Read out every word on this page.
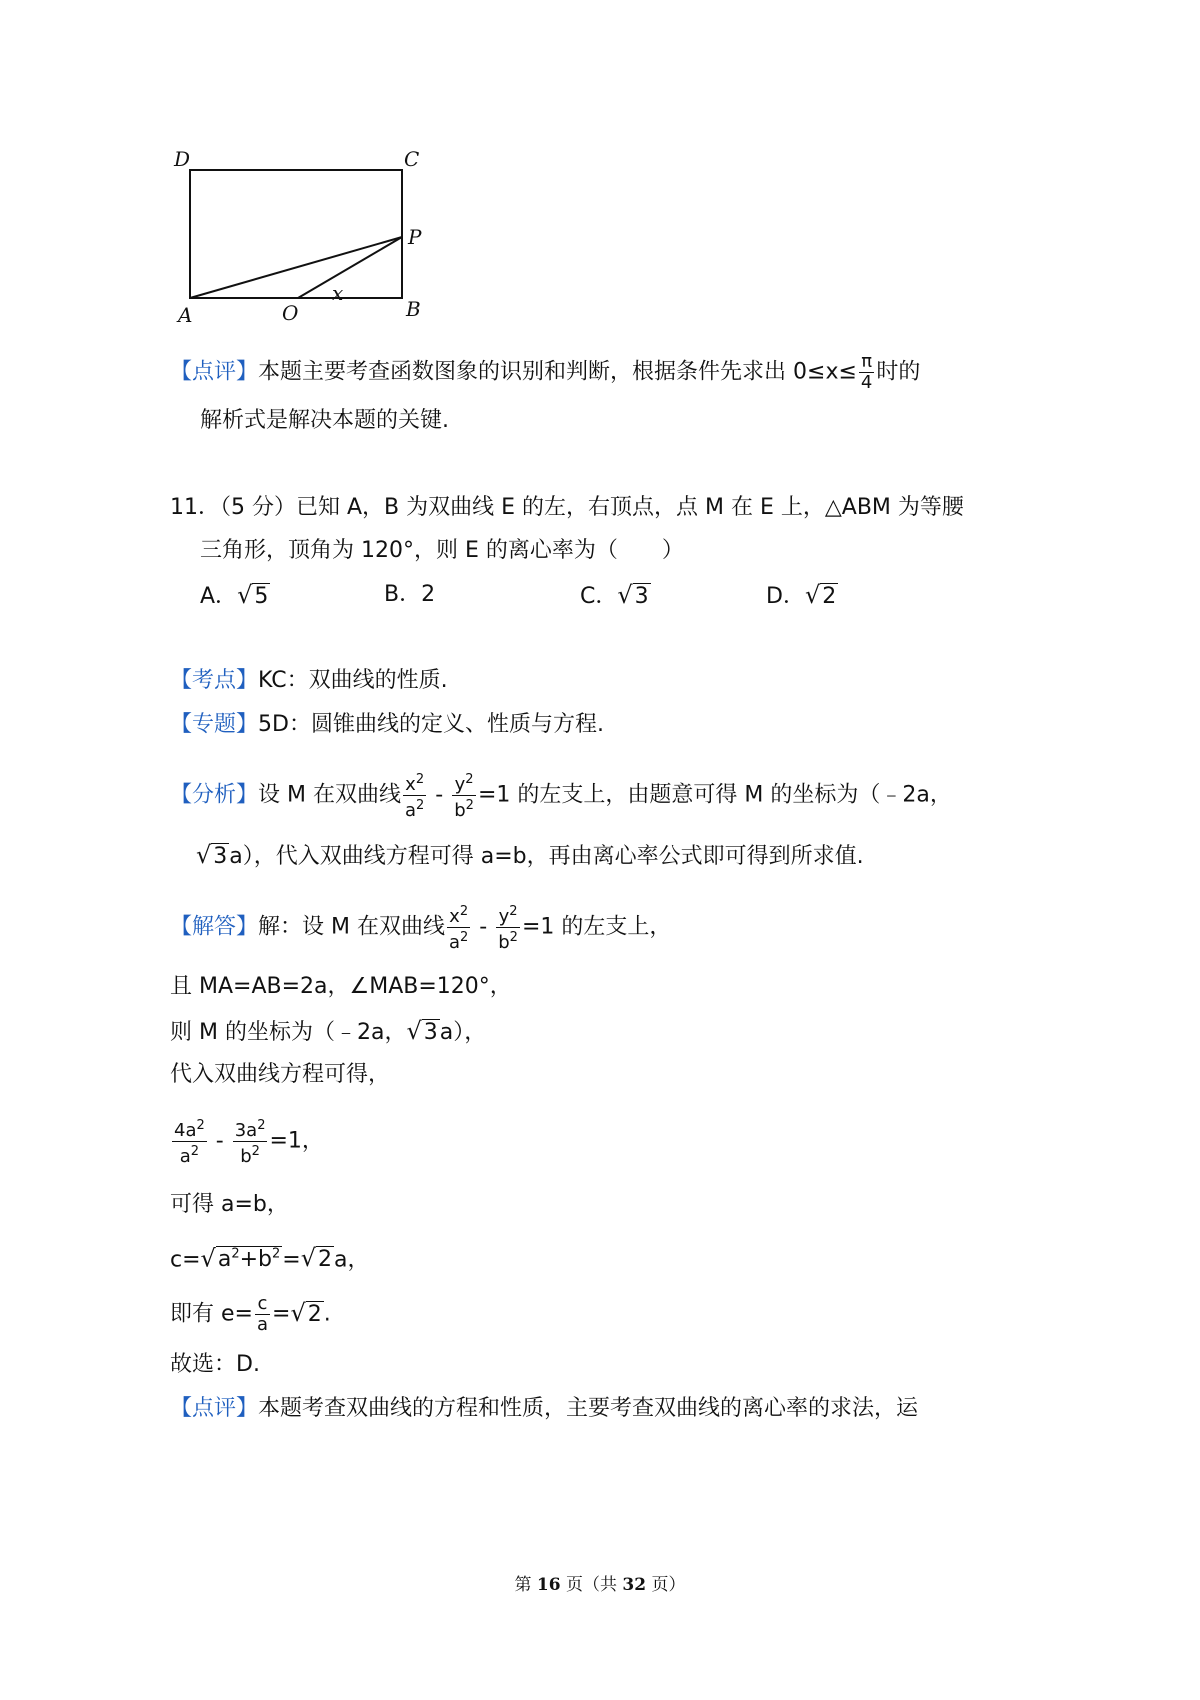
D	C
P
A	O	B
x
【点评】本题主要考查函数图象的识别和判断，根据条件先求出 $0\le x\le \frac{\pi}{4}$ 时的
解析式是解决本题的关键.
11．（5 分）已知 A，B 为双曲线 E 的左，右顶点，点 M 在 E 上，△ABM 为等腰
三角形，顶角为 120°，则 E 的离心率为（　　）
A．√5	B．2	C．√3	D．√2
【考点】KC：双曲线的性质.
【专题】5D：圆锥曲线的定义、性质与方程.
【分析】设 M 在双曲线 $\frac{x^2}{a^2} - \frac{y^2}{b^2} =1$ 的左支上，由题意可得 M 的坐标为（﹣2a，
√3a），代入双曲线方程可得 a=b，再由离心率公式即可得到所求值.
【解答】解：设 M 在双曲线 $\frac{x^2}{a^2} - \frac{y^2}{b^2} =1$ 的左支上，
且 MA=AB=2a，∠MAB=120°，
则 M 的坐标为（﹣2a，√3a），
代入双曲线方程可得，
$\frac{4a^2}{a^2} - \frac{3a^2}{b^2} =1$，
可得 a=b，
$c=√a^2+b^2=√2a$，
即有 $e= \frac{c}{a} =√2$.
故选：D.
【点评】本题考查双曲线的方程和性质，主要考查双曲线的离心率的求法，运
第 16 页（共 32 页）
